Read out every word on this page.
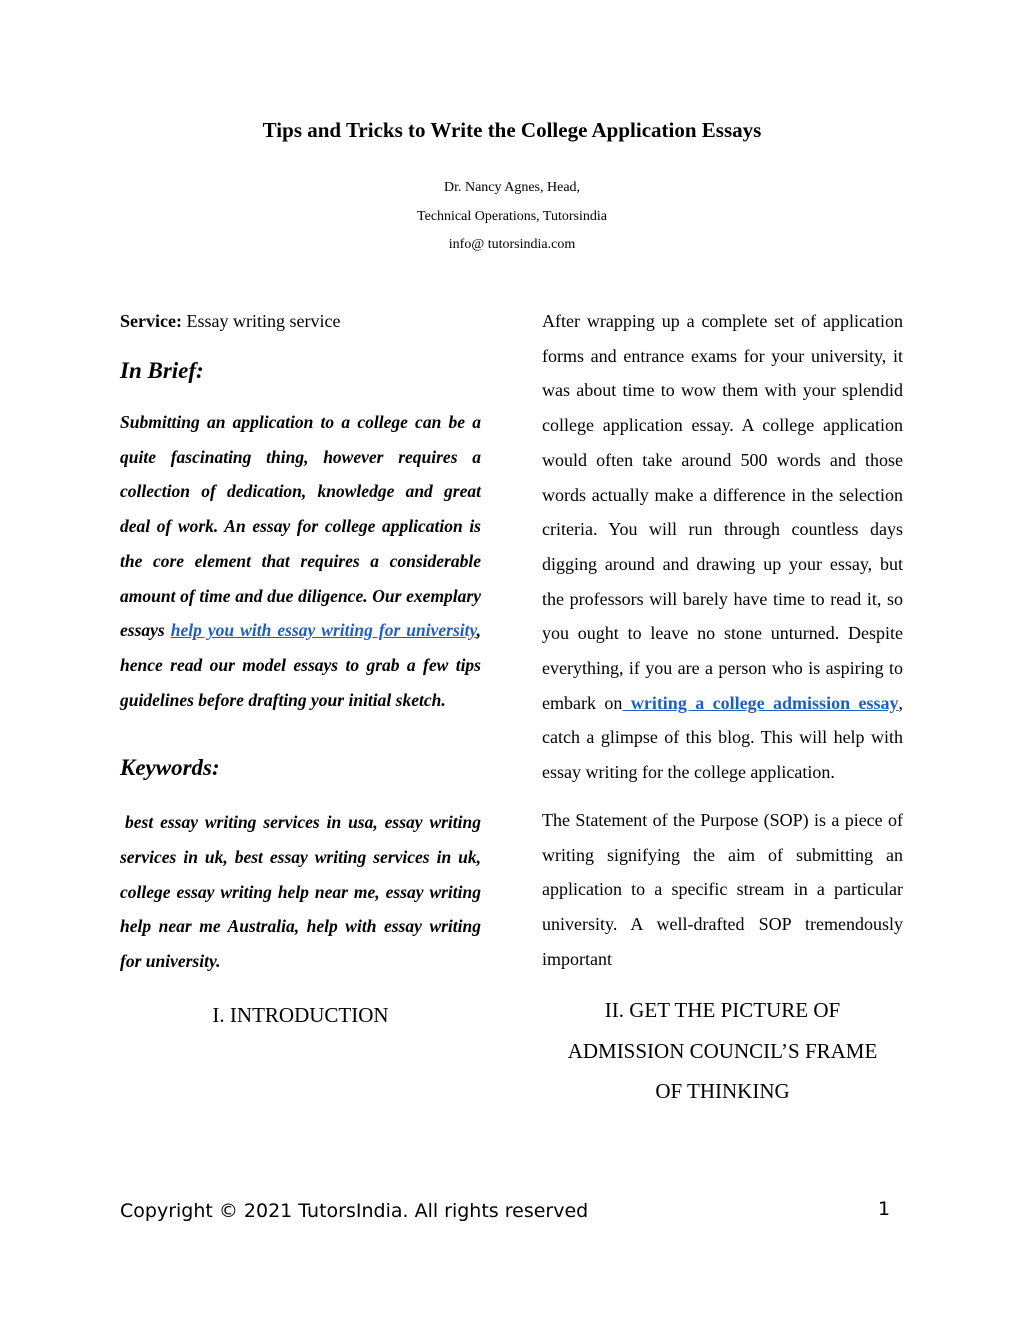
Tips and Tricks to Write the College Application Essays
Dr. Nancy Agnes, Head,
Technical Operations, Tutorsindia
info@ tutorsindia.com

Service: Essay writing service

In Brief:

Submitting an application to a college can be a quite fascinating thing, however requires a collection of dedication, knowledge and great deal of work. An essay for college application is the core element that requires a considerable amount of time and due diligence. Our exemplary essays help you with essay writing for university, hence read our model essays to grab a few tips guidelines before drafting your initial sketch.

Keywords:

best essay writing services in usa, essay writing services in uk, best essay writing services in uk, college essay writing help near me, essay writing help near me Australia, help with essay writing for university.

I. INTRODUCTION

After wrapping up a complete set of application forms and entrance exams for your university, it was about time to wow them with your splendid college application essay. A college application would often take around 500 words and those words actually make a difference in the selection criteria. You will run through countless days digging around and drawing up your essay, but the professors will barely have time to read it, so you ought to leave no stone unturned. Despite everything, if you are a person who is aspiring to embark on writing a college admission essay, catch a glimpse of this blog. This will help with essay writing for the college application.

The Statement of the Purpose (SOP) is a piece of writing signifying the aim of submitting an application to a specific stream in a particular university. A well-drafted SOP tremendously important

II. GET THE PICTURE OF
ADMISSION COUNCIL’S FRAME
OF THINKING
Copyright © 2021 TutorsIndia. All rights reserved	1
